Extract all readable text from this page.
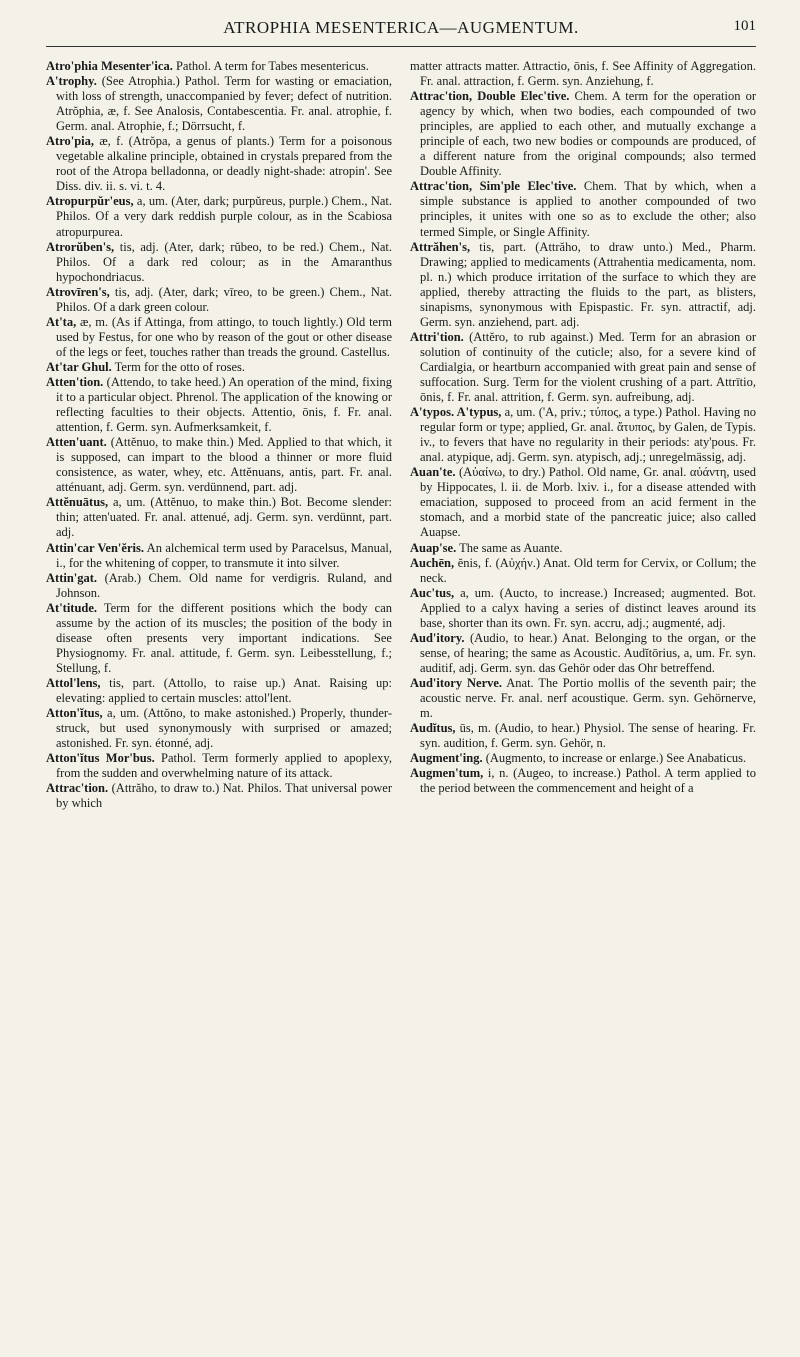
ATROPHIA MESENTERICA—AUGMENTUM.	101

Atro'phia Mesenter'ica. Pathol. A term for Tabes mesentericus.

A'trophy. (See Atrophia.) Pathol. Term for wasting or emaciation, with loss of strength, unaccompanied by fever; defect of nutrition. Atrŏphia, æ, f. See Analosis, Contabescentia. Fr. anal. atrophie, f. Germ. anal. Atrophie, f.; Dörrsucht, f.

Atro'pia, æ, f. (Atrŏpa, a genus of plants.) Term for a poisonous vegetable alkaline principle, obtained in crystals prepared from the root of the Atropa belladonna, or deadly night-shade: atropin'. See Diss. div. ii. s. vi. t. 4.

Atropurpŭr'eus, a, um. (Ater, dark; purpŭreus, purple.) Chem., Nat. Philos. Of a very dark reddish purple colour, as in the Scabiosa atropurpurea.

Atrorŭben's, tis, adj. (Ater, dark; rŭbeo, to be red.) Chem., Nat. Philos. Of a dark red colour; as in the Amaranthus hypochondriacus.

Atrovīren's, tis, adj. (Ater, dark; vīreo, to be green.) Chem., Nat. Philos. Of a dark green colour.

At'ta, æ, m. (As if Attinga, from attingo, to touch lightly.) Old term used by Festus, for one who by reason of the gout or other disease of the legs or feet, touches rather than treads the ground. Castellus.

At'tar Ghul. Term for the otto of roses.

Atten'tion. (Attendo, to take heed.) An operation of the mind, fixing it to a particular object. Phrenol. The application of the knowing or reflecting faculties to their objects. Attentio, ōnis, f. Fr. anal. attention, f. Germ. syn. Aufmerksamkeit, f.

Atten'uant. (Attĕnuo, to make thin.) Med. Applied to that which, it is supposed, can impart to the blood a thinner or more fluid consistence, as water, whey, etc. Attĕnuans, antis, part. Fr. anal. atténuant, adj. Germ. syn. verdünnend, part. adj.

Attĕnuātus, a, um. (Attĕnuo, to make thin.) Bot. Become slender: thin; atten'uated. Fr. anal. attenué, adj. Germ. syn. verdünnt, part. adj.

Attin'car Ven'ĕris. An alchemical term used by Paracelsus, Manual, i., for the whitening of copper, to transmute it into silver.

Attin'gat. (Arab.) Chem. Old name for verdigris. Ruland, and Johnson.

At'titude. Term for the different positions which the body can assume by the action of its muscles; the position of the body in disease often presents very important indications. See Physiognomy. Fr. anal. attitude, f. Germ. syn. Leibesstellung, f.; Stellung, f.

Attol'lens, tis, part. (Attollo, to raise up.) Anat. Raising up: elevating: applied to certain muscles: attol'lent.

Atton'ĭtus, a, um. (Attŏno, to make astonished.) Properly, thunder-struck, but used synonymously with surprised or amazed; astonished. Fr. syn. étonné, adj.

Atton'ĭtus Mor'bus. Pathol. Term formerly applied to apoplexy, from the sudden and overwhelming nature of its attack.

Attrac'tion. (Attrăho, to draw to.) Nat. Philos. That universal power by which

matter attracts matter. Attractio, ōnis, f. See Affinity of Aggregation. Fr. anal. attraction, f. Germ. syn. Anziehung, f.

Attrac'tion, Double Elec'tive. Chem. A term for the operation or agency by which, when two bodies, each compounded of two principles, are applied to each other, and mutually exchange a principle of each, two new bodies or compounds are produced, of a different nature from the original compounds; also termed Double Affinity.

Attrac'tion, Sim'ple Elec'tive. Chem. That by which, when a simple substance is applied to another compounded of two principles, it unites with one so as to exclude the other; also termed Simple, or Single Affinity.

Attrăhen's, tis, part. (Attrăho, to draw unto.) Med., Pharm. Drawing; applied to medicaments (Attrahentia medicamenta, nom. pl. n.) which produce irritation of the surface to which they are applied, thereby attracting the fluids to the part, as blisters, sinapisms, synonymous with Epispastic. Fr. syn. attractif, adj. Germ. syn. anziehend, part. adj.

Attri'tion. (Attĕro, to rub against.) Med. Term for an abrasion or solution of continuity of the cuticle; also, for a severe kind of Cardialgia, or heartburn accompanied with great pain and sense of suffocation. Surg. Term for the violent crushing of a part. Attrītio, ōnis, f. Fr. anal. attrition, f. Germ. syn. aufreibung, adj.

A'typos. A'typus, a, um. ('A, priv.; τύπος, a type.) Pathol. Having no regular form or type; applied, Gr. anal. ἄτυπος, by Galen, de Typis. iv., to fevers that have no regularity in their periods: aty'pous. Fr. anal. atypique, adj. Germ. syn. atypisch, adj.; unregelmässig, adj.

Auan'te. (Αὐαίνω, to dry.) Pathol. Old name, Gr. anal. αὐάντη, used by Hippocates, l. ii. de Morb. lxiv. i., for a disease attended with emaciation, supposed to proceed from an acid ferment in the stomach, and a morbid state of the pancreatic juice; also called Auapse.

Auap'se. The same as Auante.

Auchēn, ĕnis, f. (Αὐχήν.) Anat. Old term for Cervix, or Collum; the neck.

Auc'tus, a, um. (Aucto, to increase.) Increased; augmented. Bot. Applied to a calyx having a series of distinct leaves around its base, shorter than its own. Fr. syn. accru, adj.; augmenté, adj.

Aud'itory. (Audio, to hear.) Anat. Belonging to the organ, or the sense, of hearing; the same as Acoustic. Audĭtōrius, a, um. Fr. syn. auditif, adj. Germ. syn. das Gehör oder das Ohr betreffend.

Aud'itory Nerve. Anat. The Portio mollis of the seventh pair; the acoustic nerve. Fr. anal. nerf acoustique. Germ. syn. Gehörnerve, m.

Audĭtus, ūs, m. (Audio, to hear.) Physiol. The sense of hearing. Fr. syn. audition, f. Germ. syn. Gehör, n.

Augment'ing. (Augmento, to increase or enlarge.) See Anabaticus.

Augmen'tum, i, n. (Augeo, to increase.) Pathol. A term applied to the period between the commencement and height of a
